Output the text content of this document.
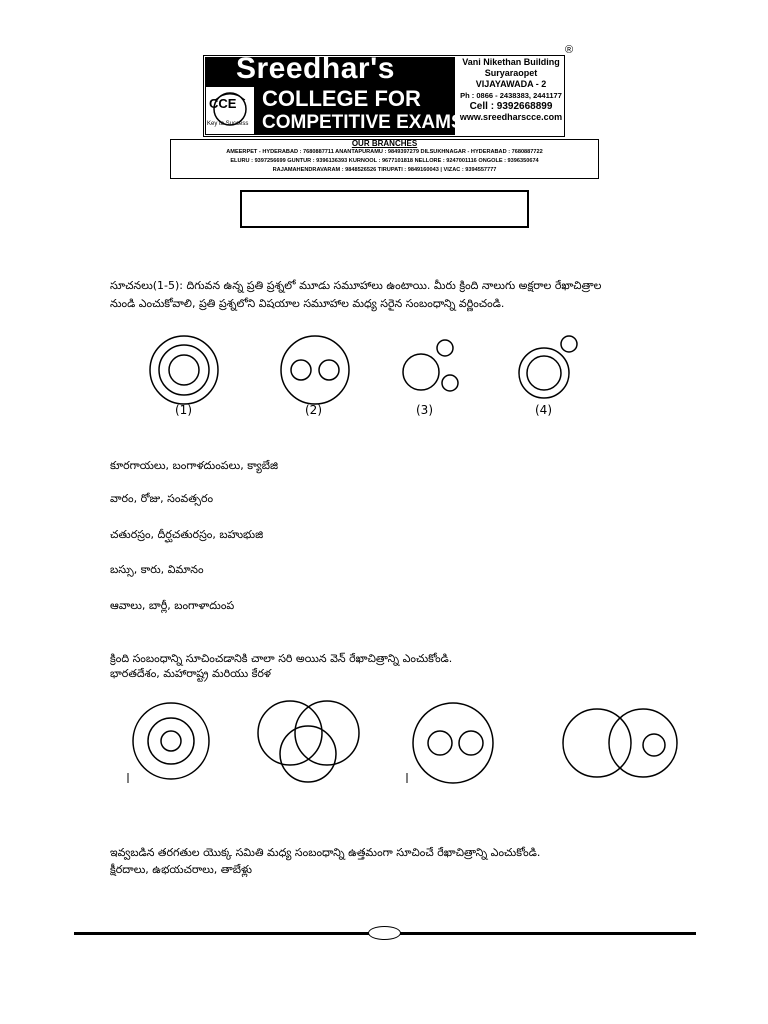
®
Sreedhar's
CCE
Key to Success
COLLEGE FOR
COMPETITIVE EXAMS
Vani Nikethan Building
Suryaraopet
VIJAYAWADA - 2
Ph : 0866 - 2438383, 2441177
Cell : 9392668899
www.sreedharscce.com
OUR BRANCHES
AMEERPET - HYDERABAD : 7680887711 ANANTAPURAMU : 9849397279 DILSUKHNAGAR - HYDERABAD : 7680887722
ELURU : 9397256699 GUNTUR : 9396136393 KURNOOL : 9677101818 NELLORE : 9247001116 ONGOLE : 9396350674
RAJAMAHENDRAVARAM : 9848526526 TIRUPATI : 9849160043 | VIZAC : 9394557777
సూచనలు(1-5): దిగువన ఉన్న ప్రతి ప్రశ్నలో మూడు సమూహాలు ఉంటాయి. మీరు క్రింది నాలుగు అక్షరాల రేఖాచిత్రాల
నుండి ఎంచుకోవాలి, ప్రతి ప్రశ్నలోని విషయాల సమూహాల మధ్య సరైన సంబంధాన్ని వర్ణించండి.
(1)	(2)	(3)	(4)
కూరగాయలు, బంగాళదుంపలు, క్యాబేజి
వారం, రోజు, సంవత్సరం
చతురస్రం, దీర్ఘచతురస్రం, బహుభుజి
బస్సు, కారు, విమానం
ఆవాలు, బార్లీ, బంగాళాదుంప
క్రింది సంబంధాన్ని సూచించడానికి చాలా సరి అయిన వెన్ రేఖాచిత్రాన్ని ఎంచుకోండి.
భారతదేశం, మహారాష్ట్ర మరియు కేరళ
ఇవ్వబడిన తరగతుల యొక్క సమితి మధ్య సంబంధాన్ని ఉత్తమంగా సూచించే రేఖాచిత్రాన్ని ఎంచుకోండి.
క్షీరదాలు, ఉభయచరాలు, తాబేళ్లు
